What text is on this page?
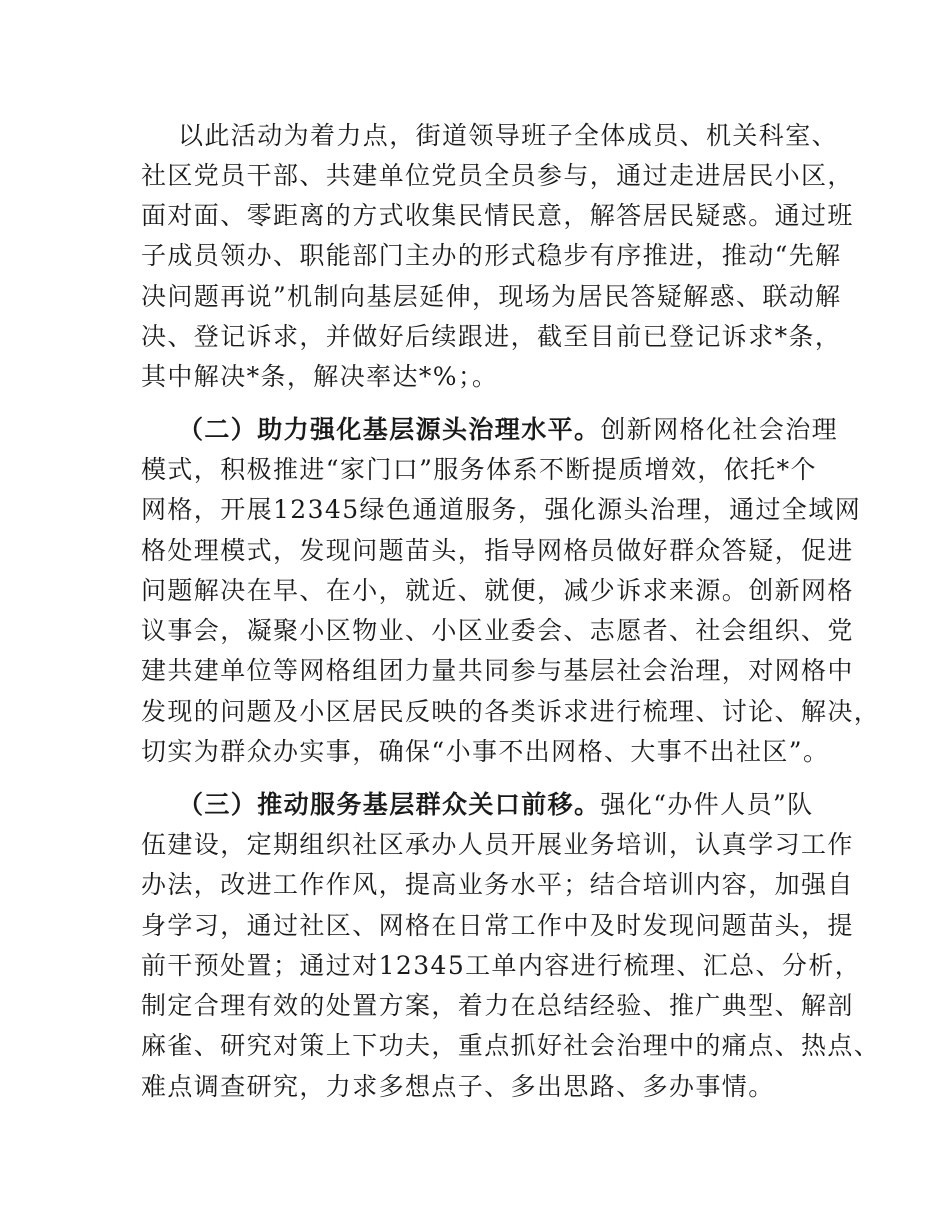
以此活动为着力点，街道领导班子全体成员、机关科室、
社区党员干部、共建单位党员全员参与，通过走进居民小区，
面对面、零距离的方式收集民情民意，解答居民疑惑。通过班
子成员领办、职能部门主办的形式稳步有序推进，推动“先解
决问题再说”机制向基层延伸，现场为居民答疑解惑、联动解
决、登记诉求，并做好后续跟进，截至目前已登记诉求*条，
其中解决*条，解决率达*%；。
（二）助力强化基层源头治理水平。创新网格化社会治理
模式，积极推进“家门口”服务体系不断提质增效，依托*个
网格，开展12345绿色通道服务，强化源头治理，通过全域网
格处理模式，发现问题苗头，指导网格员做好群众答疑，促进
问题解决在早、在小，就近、就便，减少诉求来源。创新网格
议事会，凝聚小区物业、小区业委会、志愿者、社会组织、党
建共建单位等网格组团力量共同参与基层社会治理，对网格中
发现的问题及小区居民反映的各类诉求进行梳理、讨论、解决，
切实为群众办实事，确保“小事不出网格、大事不出社区”。
（三）推动服务基层群众关口前移。强化“办件人员”队
伍建设，定期组织社区承办人员开展业务培训，认真学习工作
办法，改进工作作风，提高业务水平；结合培训内容，加强自
身学习，通过社区、网格在日常工作中及时发现问题苗头，提
前干预处置；通过对12345工单内容进行梳理、汇总、分析，
制定合理有效的处置方案，着力在总结经验、推广典型、解剖
麻雀、研究对策上下功夫，重点抓好社会治理中的痛点、热点、
难点调查研究，力求多想点子、多出思路、多办事情。
